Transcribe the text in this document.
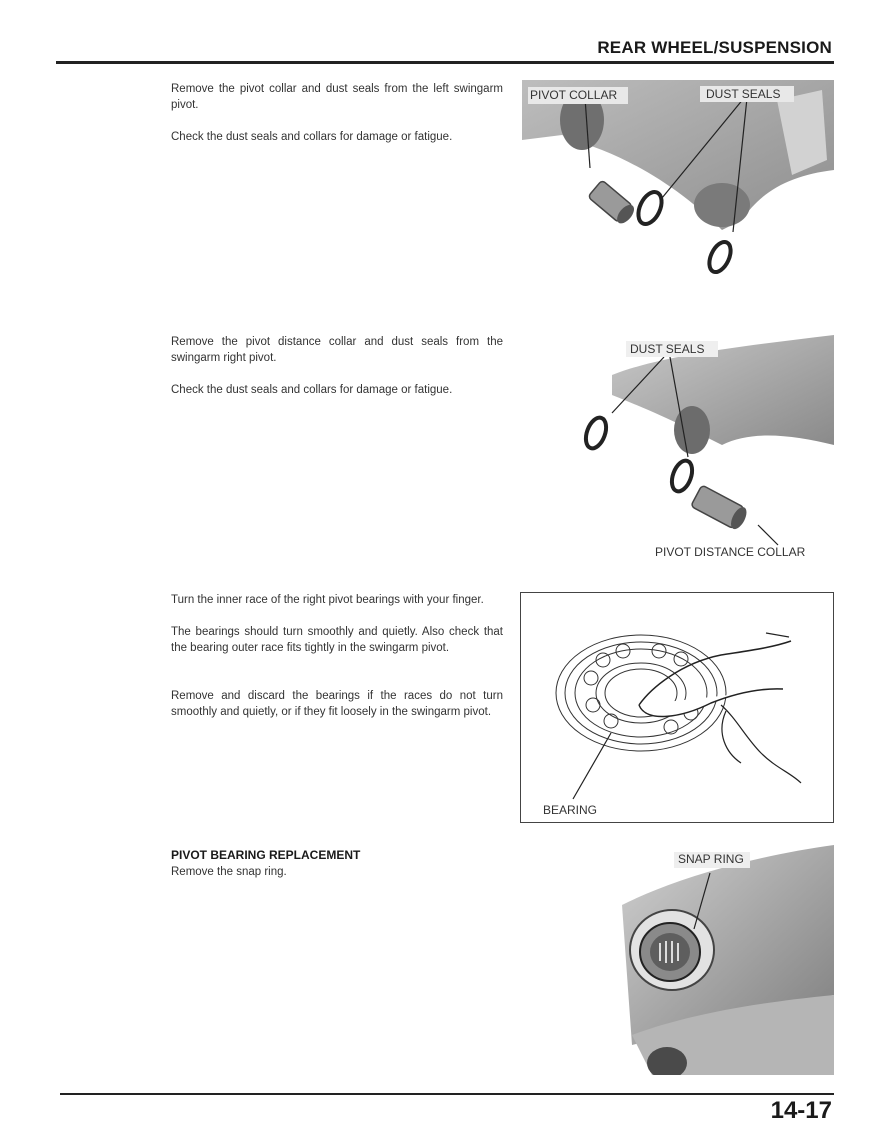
REAR WHEEL/SUSPENSION

Remove the pivot collar and dust seals from the left swingarm pivot.

Check the dust seals and collars for damage or fatigue.

PIVOT COLLAR	DUST SEALS

Remove the pivot distance collar and dust seals from the swingarm right pivot.

Check the dust seals and collars for damage or fatigue.

DUST SEALS
PIVOT DISTANCE COLLAR

Turn the inner race of the right pivot bearings with your finger.

The bearings should turn smoothly and quietly. Also check that the bearing outer race fits tightly in the swingarm pivot.

Remove and discard the bearings if the races do not turn smoothly and quietly, or if they fit loosely in the swingarm pivot.

BEARING
PIVOT BEARING REPLACEMENT

Remove the snap ring.

SNAP RING
14-17
